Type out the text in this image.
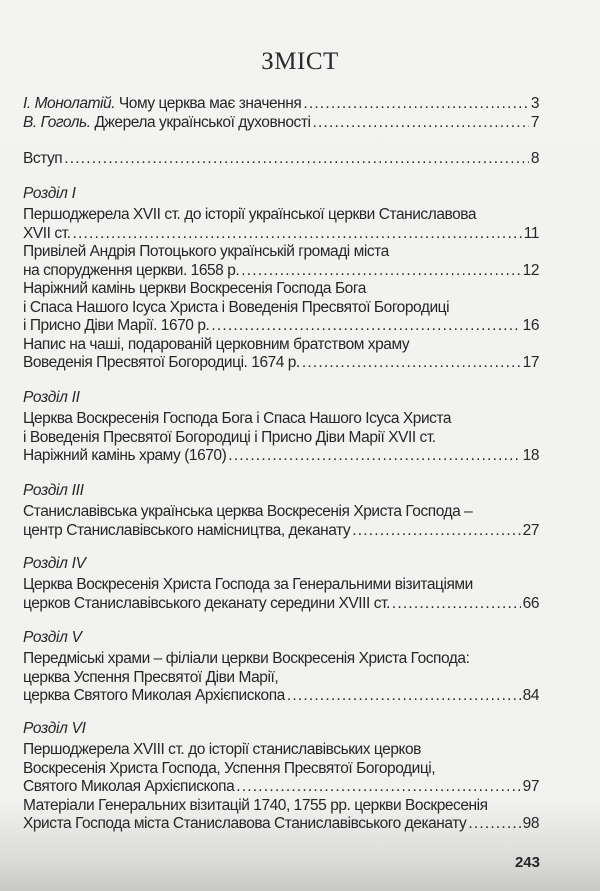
ЗМІСТ
І. Монолатій. Чому церква має значення .....	3
В. Гоголь. Джерела української духовності .....	7
Вступ .....	8
Розділ I
Першоджерела XVII ст. до історії української церкви Станиславова
XVII ст. .....	11
Привілей Андрія Потоцького українській громаді міста
на спорудження церкви. 1658 р. .....	12
Наріжний камінь церкви Воскресенія Господа Бога
і Спаса Нашого Ісуса Христа і Воведенія Пресвятої Богородиці
і Присно Діви Марії. 1670 р. .....	16
Напис на чаші, подарованій церковним братством храму
Воведенія Пресвятої Богородиці. 1674 р. .....	17
Розділ II
Церква Воскресенія Господа Бога і Спаса Нашого Ісуса Христа
і Воведенія Пресвятої Богородиці і Присно Діви Марії XVII ст.
Наріжний камінь храму (1670) .....	18
Розділ III
Станиславівська українська церква Воскресенія Христа Господа –
центр Станиславівського намісництва, деканату .....	27
Розділ IV
Церква Воскресенія Христа Господа за Генеральними візитаціями
церков Станиславівського деканату середини XVIII ст. .....	66
Розділ V
Передміські храми – філіали церкви Воскресенія Христа Господа:
церква Успення Пресвятої Діви Марії,
церква Святого Миколая Архієпископа .....	84
Розділ VI
Першоджерела XVIII ст. до історії станиславівських церков
Воскресенія Христа Господа, Успення Пресвятої Богородиці,
Святого Миколая Архієпископа .....	97
Матеріали Генеральних візитацій 1740, 1755 рр. церкви Воскресенія
Христа Господа міста Станиславова Станиславівського деканату .....	98
243
